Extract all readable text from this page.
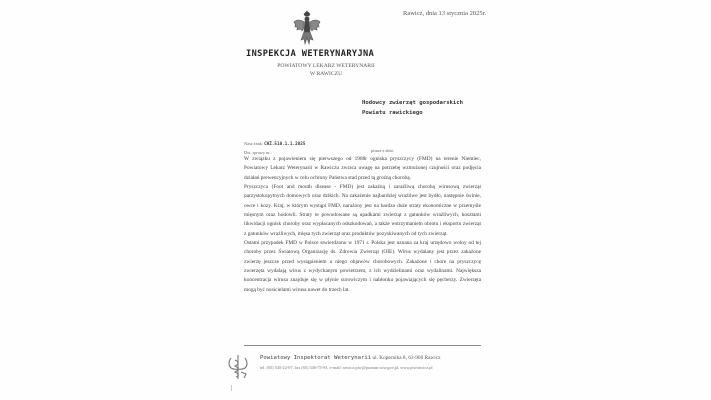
Rawicz, dnia 13 stycznia 2025r.
INSPEKCJA WETERYNARYJNA
POWIATOWY LEKARZ WETERYNARII
W RAWICZU
Hodowcy zwierząt gospodarskich
Powiatu rawickiego
Nasz znak: CHŻ.510.1.1.2025
Dot. sprawy nr.:	pisma z dnia:

W związku z pojawieniem się pierwszego od 1988r ogniska pryszczycy (FMD) na terenie Niemiec, Powiatowy Lekarz Weterynarii w Rawiczu zwraca uwagę na potrzebę wzmożonej czujności oraz podjęcia działań prewencyjnych w celu ochrony Państwa stad przed tą groźną chorobą.

Pryszczyca (Foot and mouth disease - FMD) jest zakaźną i zaraźliwą chorobą wirusową zwierząt parzystokopytnych domowych oraz dzikich. Na zakażenie najbardziej wrażliwe jest bydło, następnie świnie, owce i kozy. Kraj, w którym wystąpi FMD, narażony jest na bardzo duże straty ekonomiczne w przemyśle mięsnym oraz hodowli. Straty te powodowane są upadkami zwierząt z gatunków wrażliwych, kosztami likwidacji ognisk choroby oraz wypłacanych odszkodowań, a także wstrzymaniem obrotu i eksportu zwierząt z gatunków wrażliwych, mięsa tych zwierząt oraz produktów pozyskiwanych od tych zwierząt.

Ostatni przypadek FMD w Polsce stwierdzono w 1971 r. Polska jest uznana za kraj urzędowo wolny od tej choroby przez Światową Organizację ds. Zdrowia Zwierząt (OIE). Wirus wydalany jest przez zakażone zwierzę jeszcze przed wystąpieniem u niego objawów chorobowych. Zakażone i chore na pryszczycę zwierzęta wydalają wirus z wydychanym powietrzem, z ich wydzielinami oraz wydalinami. Największa koncentracja wirusa znajduje się w płynie surowiczym i nabłonku pojawiających się pęcherzy. Zwierzęta mogą być nosicielami wirusa nawet do trzech lat.

Powiatowy Inspektorat Weterynarii ul. Kopernika 8, 63-900 Rawicz
tel. (65) 545-22-07, fax (65) 546-75-93, e-mail: rawicz.piw@poznan.wiw.gov.pl, www.piwrawicz.pl
